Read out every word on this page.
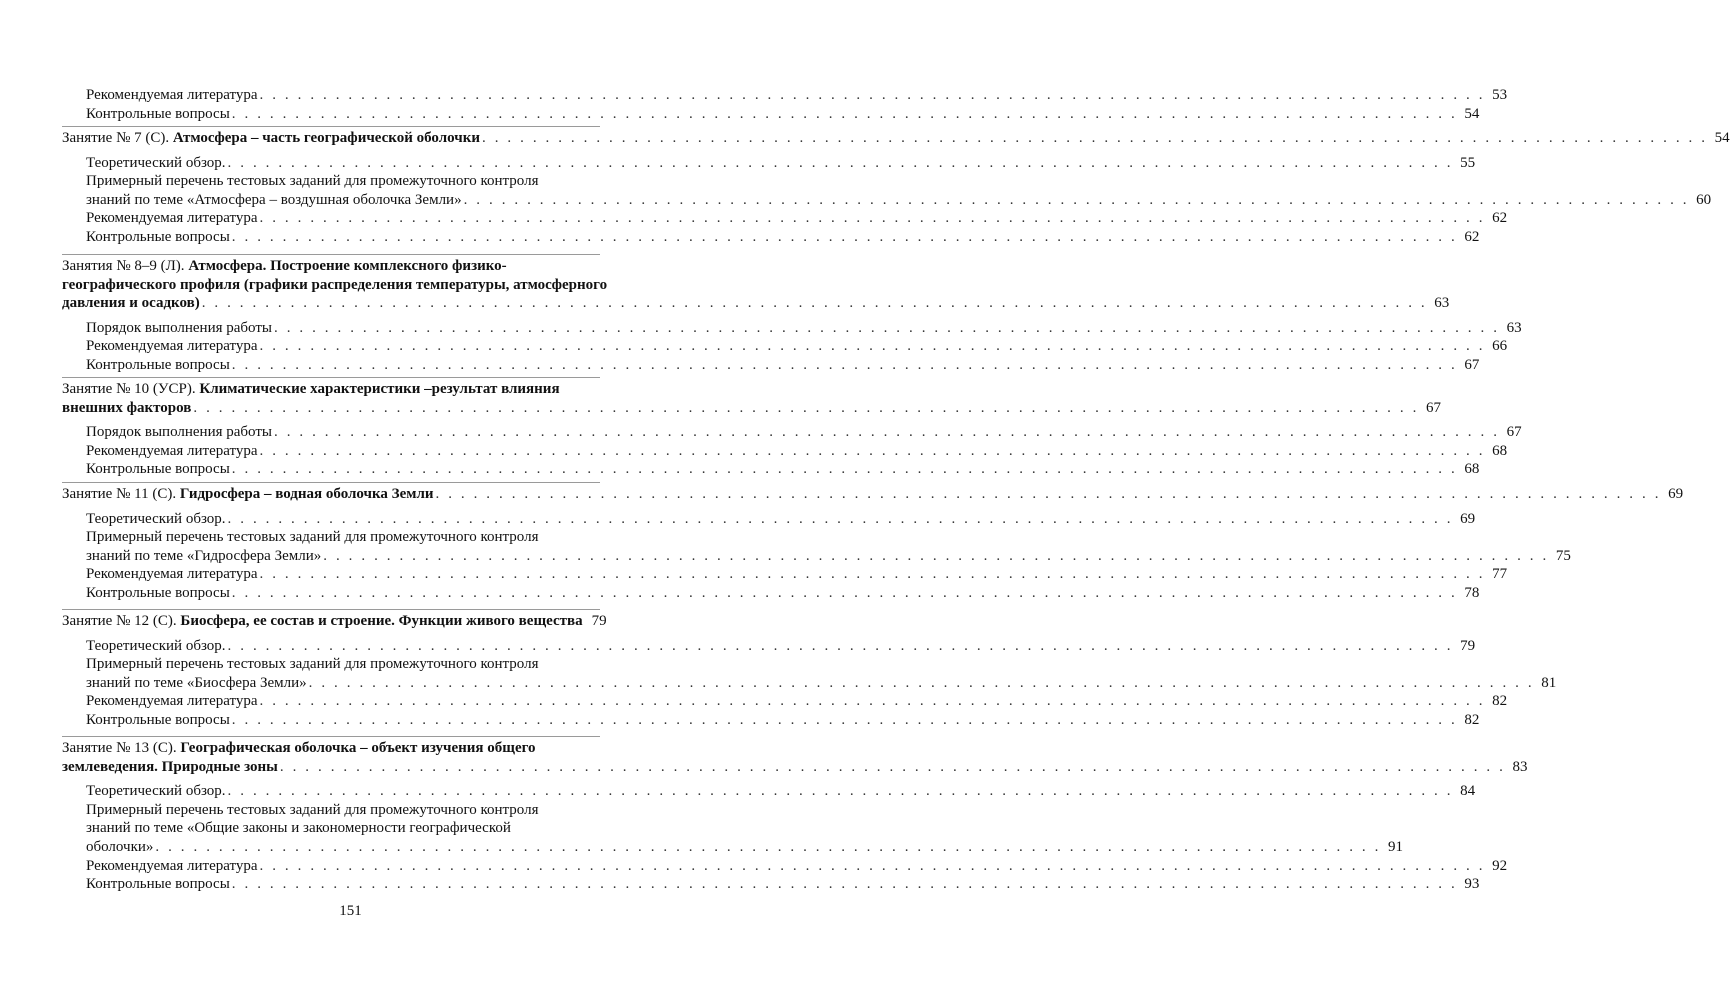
Рекомендуемая литература . . . . . . . . . . . . . . . . . . . . . . . . . . . . . . . . . . . . . . . . . . . . . . . . . . . . . . . . . . . . . . . . . . . . . . . . . . . . . . . . . . . . . . . . . . . . . . . . . 53
Контрольные вопросы . . . . . . . . . . . . . . . . . . . . . . . . . . . . . . . . . . . . . . . . . . . . . . . . . . . . . . . . . . . . . . . . . . . . . . . . . . . . . . . . . . . . . . . . . . . . . . . . . 54
Занятие № 7 (С). Атмосфера – часть географической оболочки . . . . . . . . . . . . . . . . . . . . . . . . . . . . . . . . . . . . . . . . . . . . . . . . . . . . . . . . . . . . . . . . . . . . . . . . . . . . . . . . . . . . . . . . . . . . . . . . . 54
Теоретический обзор. . . . . . . . . . . . . . . . . . . . . . . . . . . . . . . . . . . . . . . . . . . . . . . . . . . . . . . . . . . . . . . . . . . . . . . . . . . . . . . . . . . . . . . . . . . . . . . . . . 55
Примерный перечень тестовых заданий для промежуточного контроля
знаний по теме «Атмосфера – воздушная оболочка Земли» . . . . . . . . . . . . . . . . . . . . . . . . . . . . . . . . . . . . . . . . . . . . . . . . . . . . . . . . . . . . . . . . . . . . . . . . . . . . . . . . . . . . . . . . . . . . . . . . . 60
Рекомендуемая литература . . . . . . . . . . . . . . . . . . . . . . . . . . . . . . . . . . . . . . . . . . . . . . . . . . . . . . . . . . . . . . . . . . . . . . . . . . . . . . . . . . . . . . . . . . . . . . . . . 62
Контрольные вопросы . . . . . . . . . . . . . . . . . . . . . . . . . . . . . . . . . . . . . . . . . . . . . . . . . . . . . . . . . . . . . . . . . . . . . . . . . . . . . . . . . . . . . . . . . . . . . . . . . 62
Занятия № 8–9 (Л). Атмосфера. Построение комплексного физико-
географического профиля (графики распределения температуры, атмосферного
давления и осадков) . . . . . . . . . . . . . . . . . . . . . . . . . . . . . . . . . . . . . . . . . . . . . . . . . . . . . . . . . . . . . . . . . . . . . . . . . . . . . . . . . . . . . . . . . . . . . . . . . 63
Порядок выполнения работы . . . . . . . . . . . . . . . . . . . . . . . . . . . . . . . . . . . . . . . . . . . . . . . . . . . . . . . . . . . . . . . . . . . . . . . . . . . . . . . . . . . . . . . . . . . . . . . . . 63
Рекомендуемая литература . . . . . . . . . . . . . . . . . . . . . . . . . . . . . . . . . . . . . . . . . . . . . . . . . . . . . . . . . . . . . . . . . . . . . . . . . . . . . . . . . . . . . . . . . . . . . . . . . 66
Контрольные вопросы . . . . . . . . . . . . . . . . . . . . . . . . . . . . . . . . . . . . . . . . . . . . . . . . . . . . . . . . . . . . . . . . . . . . . . . . . . . . . . . . . . . . . . . . . . . . . . . . . 67
Занятие № 10 (УСР). Климатические характеристики –результат влияния
внешних факторов . . . . . . . . . . . . . . . . . . . . . . . . . . . . . . . . . . . . . . . . . . . . . . . . . . . . . . . . . . . . . . . . . . . . . . . . . . . . . . . . . . . . . . . . . . . . . . . . . 67
Порядок выполнения работы . . . . . . . . . . . . . . . . . . . . . . . . . . . . . . . . . . . . . . . . . . . . . . . . . . . . . . . . . . . . . . . . . . . . . . . . . . . . . . . . . . . . . . . . . . . . . . . . . 67
Рекомендуемая литература . . . . . . . . . . . . . . . . . . . . . . . . . . . . . . . . . . . . . . . . . . . . . . . . . . . . . . . . . . . . . . . . . . . . . . . . . . . . . . . . . . . . . . . . . . . . . . . . . 68
Контрольные вопросы . . . . . . . . . . . . . . . . . . . . . . . . . . . . . . . . . . . . . . . . . . . . . . . . . . . . . . . . . . . . . . . . . . . . . . . . . . . . . . . . . . . . . . . . . . . . . . . . . 68
Занятие № 11 (С). Гидросфера – водная оболочка Земли . . . . . . . . . . . . . . . . . . . . . . . . . . . . . . . . . . . . . . . . . . . . . . . . . . . . . . . . . . . . . . . . . . . . . . . . . . . . . . . . . . . . . . . . . . . . . . . . . 69
Теоретический обзор. . . . . . . . . . . . . . . . . . . . . . . . . . . . . . . . . . . . . . . . . . . . . . . . . . . . . . . . . . . . . . . . . . . . . . . . . . . . . . . . . . . . . . . . . . . . . . . . . . 69
Примерный перечень тестовых заданий для промежуточного контроля
знаний по теме «Гидросфера Земли» . . . . . . . . . . . . . . . . . . . . . . . . . . . . . . . . . . . . . . . . . . . . . . . . . . . . . . . . . . . . . . . . . . . . . . . . . . . . . . . . . . . . . . . . . . . . . . . . . 75
Рекомендуемая литература . . . . . . . . . . . . . . . . . . . . . . . . . . . . . . . . . . . . . . . . . . . . . . . . . . . . . . . . . . . . . . . . . . . . . . . . . . . . . . . . . . . . . . . . . . . . . . . . . 77
Контрольные вопросы . . . . . . . . . . . . . . . . . . . . . . . . . . . . . . . . . . . . . . . . . . . . . . . . . . . . . . . . . . . . . . . . . . . . . . . . . . . . . . . . . . . . . . . . . . . . . . . . . 78
Занятие № 12 (С). Биосфера, ее состав и строение. Функции живого вещества 79
Теоретический обзор. . . . . . . . . . . . . . . . . . . . . . . . . . . . . . . . . . . . . . . . . . . . . . . . . . . . . . . . . . . . . . . . . . . . . . . . . . . . . . . . . . . . . . . . . . . . . . . . . . 79
Примерный перечень тестовых заданий для промежуточного контроля
знаний по теме «Биосфера Земли» . . . . . . . . . . . . . . . . . . . . . . . . . . . . . . . . . . . . . . . . . . . . . . . . . . . . . . . . . . . . . . . . . . . . . . . . . . . . . . . . . . . . . . . . . . . . . . . . . 81
Рекомендуемая литература . . . . . . . . . . . . . . . . . . . . . . . . . . . . . . . . . . . . . . . . . . . . . . . . . . . . . . . . . . . . . . . . . . . . . . . . . . . . . . . . . . . . . . . . . . . . . . . . . 82
Контрольные вопросы . . . . . . . . . . . . . . . . . . . . . . . . . . . . . . . . . . . . . . . . . . . . . . . . . . . . . . . . . . . . . . . . . . . . . . . . . . . . . . . . . . . . . . . . . . . . . . . . . 82
Занятие № 13 (С). Географическая оболочка – объект изучения общего
землеведения. Природные зоны . . . . . . . . . . . . . . . . . . . . . . . . . . . . . . . . . . . . . . . . . . . . . . . . . . . . . . . . . . . . . . . . . . . . . . . . . . . . . . . . . . . . . . . . . . . . . . . . . 83
Теоретический обзор. . . . . . . . . . . . . . . . . . . . . . . . . . . . . . . . . . . . . . . . . . . . . . . . . . . . . . . . . . . . . . . . . . . . . . . . . . . . . . . . . . . . . . . . . . . . . . . . . . 84
Примерный перечень тестовых заданий для промежуточного контроля
знаний по теме «Общие законы и закономерности географической
оболочки» . . . . . . . . . . . . . . . . . . . . . . . . . . . . . . . . . . . . . . . . . . . . . . . . . . . . . . . . . . . . . . . . . . . . . . . . . . . . . . . . . . . . . . . . . . . . . . . . . 91
Рекомендуемая литература . . . . . . . . . . . . . . . . . . . . . . . . . . . . . . . . . . . . . . . . . . . . . . . . . . . . . . . . . . . . . . . . . . . . . . . . . . . . . . . . . . . . . . . . . . . . . . . . . 92
Контрольные вопросы . . . . . . . . . . . . . . . . . . . . . . . . . . . . . . . . . . . . . . . . . . . . . . . . . . . . . . . . . . . . . . . . . . . . . . . . . . . . . . . . . . . . . . . . . . . . . . . . . 93
151
